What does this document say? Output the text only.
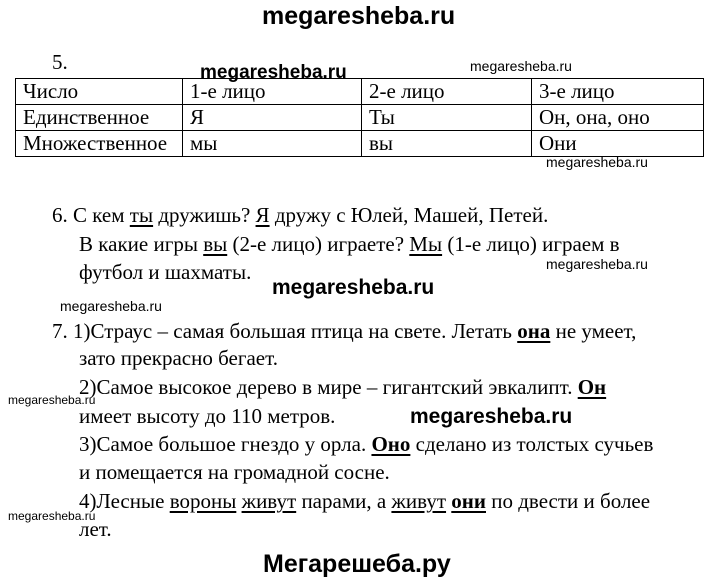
megaresheba.ru
5.
Число	1-е лицо	2-е лицо	3-е лицо
Единственное	Я	Ты	Он, она, оно
Множественное	мы	вы	Они
megaresheba.ru	megaresheba.ru
megaresheba.ru
6. С кем ты дружишь? Я дружу с Юлей, Машей, Петей.
В какие игры вы (2-е лицо) играете? Мы (1-е лицо) играем в
футбол и шахматы.	megaresheba.ru
megaresheba.ru
megaresheba.ru
7. 1)Страус – самая большая птица на свете. Летать она не умеет,
зато прекрасно бегает.
2)Самое высокое дерево в мире – гигантский эвкалипт. Он
имеет высоту до 110 метров.
3)Самое большое гнездо у орла. Оно сделано из толстых сучьев
и помещается на громадной сосне.
4)Лесные вороны живут парами, а живут они по двести и более
лет.
megaresheba.ru
megaresheba.ru
megaresheba.ru
Мегарешеба.ру
